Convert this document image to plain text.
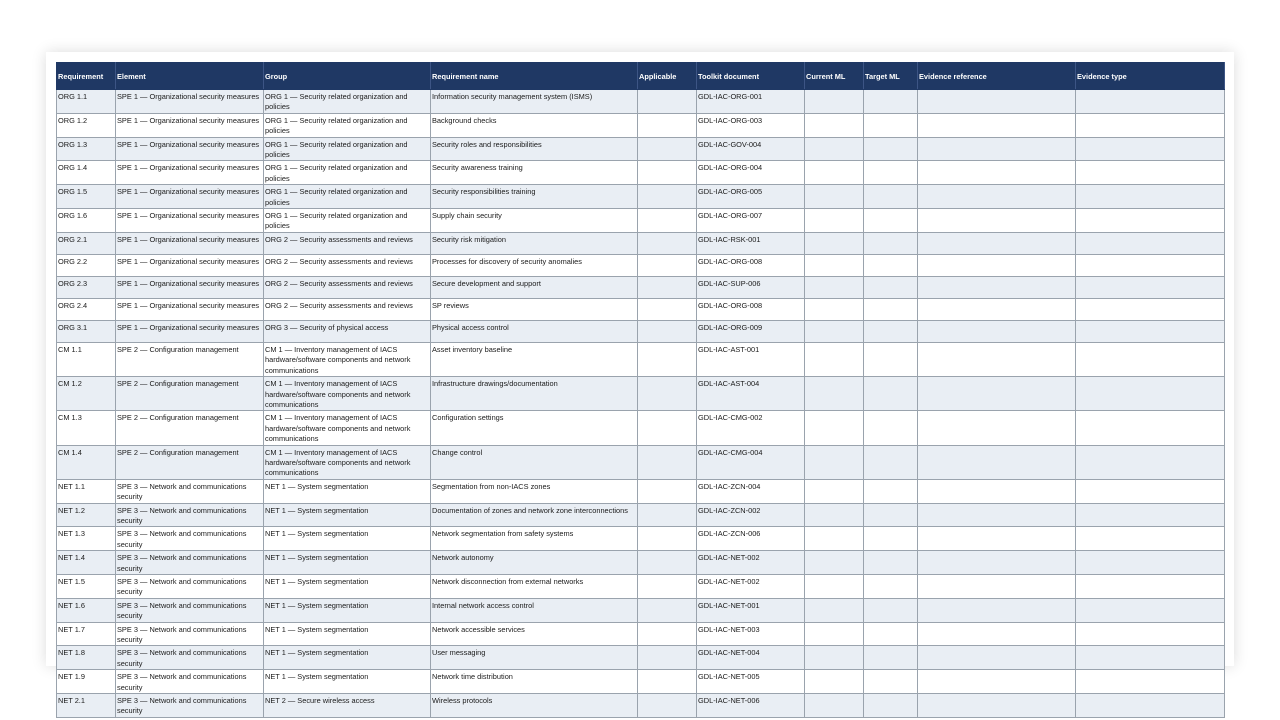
Requirement	Element	Group	Requirement name	Applicable	Toolkit document	Current ML	Target ML	Evidence reference	Evidence type
ORG 1.1	SPE 1 — Organizational security measures	ORG 1 — Security related organization and policies	Information security management system (ISMS)		GDL-IAC-ORG-001				
ORG 1.2	SPE 1 — Organizational security measures	ORG 1 — Security related organization and policies	Background checks		GDL-IAC-ORG-003				
ORG 1.3	SPE 1 — Organizational security measures	ORG 1 — Security related organization and policies	Security roles and responsibilities		GDL-IAC-GOV-004				
ORG 1.4	SPE 1 — Organizational security measures	ORG 1 — Security related organization and policies	Security awareness training		GDL-IAC-ORG-004				
ORG 1.5	SPE 1 — Organizational security measures	ORG 1 — Security related organization and policies	Security responsibilities training		GDL-IAC-ORG-005				
ORG 1.6	SPE 1 — Organizational security measures	ORG 1 — Security related organization and policies	Supply chain security		GDL-IAC-ORG-007				
ORG 2.1	SPE 1 — Organizational security measures	ORG 2 — Security assessments and reviews	Security risk mitigation		GDL-IAC-RSK-001				
ORG 2.2	SPE 1 — Organizational security measures	ORG 2 — Security assessments and reviews	Processes for discovery of security anomalies		GDL-IAC-ORG-008				
ORG 2.3	SPE 1 — Organizational security measures	ORG 2 — Security assessments and reviews	Secure development and support		GDL-IAC-SUP-006				
ORG 2.4	SPE 1 — Organizational security measures	ORG 2 — Security assessments and reviews	SP reviews		GDL-IAC-ORG-008				
ORG 3.1	SPE 1 — Organizational security measures	ORG 3 — Security of physical access	Physical access control		GDL-IAC-ORG-009				
CM 1.1	SPE 2 — Configuration management	CM 1 — Inventory management of IACS hardware/software components and network communications	Asset inventory baseline		GDL-IAC-AST-001				
CM 1.2	SPE 2 — Configuration management	CM 1 — Inventory management of IACS hardware/software components and network communications	Infrastructure drawings/documentation		GDL-IAC-AST-004				
CM 1.3	SPE 2 — Configuration management	CM 1 — Inventory management of IACS hardware/software components and network communications	Configuration settings		GDL-IAC-CMG-002				
CM 1.4	SPE 2 — Configuration management	CM 1 — Inventory management of IACS hardware/software components and network communications	Change control		GDL-IAC-CMG-004				
NET 1.1	SPE 3 — Network and communications security	NET 1 — System segmentation	Segmentation from non-IACS zones		GDL-IAC-ZCN-004				
NET 1.2	SPE 3 — Network and communications security	NET 1 — System segmentation	Documentation of zones and network zone interconnections		GDL-IAC-ZCN-002				
NET 1.3	SPE 3 — Network and communications security	NET 1 — System segmentation	Network segmentation from safety systems		GDL-IAC-ZCN-006				
NET 1.4	SPE 3 — Network and communications security	NET 1 — System segmentation	Network autonomy		GDL-IAC-NET-002				
NET 1.5	SPE 3 — Network and communications security	NET 1 — System segmentation	Network disconnection from external networks		GDL-IAC-NET-002				
NET 1.6	SPE 3 — Network and communications security	NET 1 — System segmentation	Internal network access control		GDL-IAC-NET-001				
NET 1.7	SPE 3 — Network and communications security	NET 1 — System segmentation	Network accessible services		GDL-IAC-NET-003				
NET 1.8	SPE 3 — Network and communications security	NET 1 — System segmentation	User messaging		GDL-IAC-NET-004				
NET 1.9	SPE 3 — Network and communications security	NET 1 — System segmentation	Network time distribution		GDL-IAC-NET-005				
NET 2.1	SPE 3 — Network and communications security	NET 2 — Secure wireless access	Wireless protocols		GDL-IAC-NET-006				
